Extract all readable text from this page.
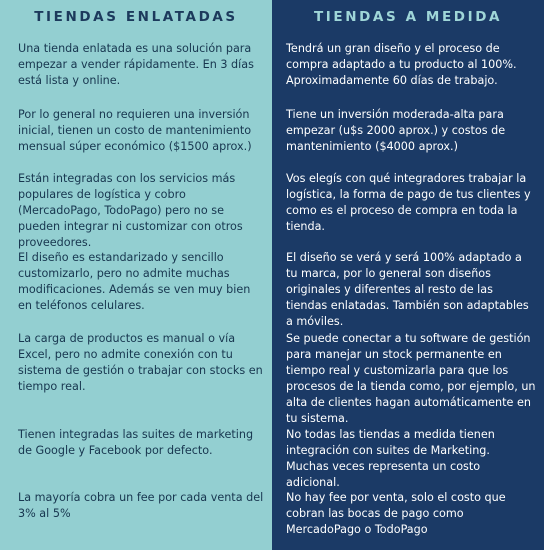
TIENDAS ENLATADAS

Una tienda enlatada es una solución para empezar a vender rápidamente. En 3 días está lista y online.

Por lo general no requieren una inversión inicial, tienen un costo de mantenimiento mensual súper económico ($1500 aprox.)

Están integradas con los servicios más populares de logística y cobro (MercadoPago, TodoPago) pero no se pueden integrar ni customizar con otros proveedores.

El diseño es estandarizado y sencillo customizarlo, pero no admite muchas modificaciones. Además se ven muy bien en teléfonos celulares.

La carga de productos es manual o vía Excel, pero no admite conexión con tu sistema de gestión o trabajar con stocks en tiempo real.

Tienen integradas las suites de marketing de Google y Facebook por defecto.

La mayoría cobra un fee por cada venta del 3% al 5%

TIENDAS A MEDIDA

Tendrá un gran diseño y el proceso de compra adaptado a tu producto al 100%. Aproximadamente 60 días de trabajo.

Tiene un inversión moderada-alta para empezar (u$s 2000 aprox.) y costos de mantenimiento ($4000 aprox.)

Vos elegís con qué integradores trabajar la logística, la forma de pago de tus clientes y como es el proceso de compra en toda la tienda.

El diseño se verá y será 100% adaptado a tu marca, por lo general son diseños originales y diferentes al resto de las tiendas enlatadas. También son adaptables a móviles.

Se puede conectar a tu software de gestión para manejar un stock permanente en tiempo real y customizarla para que los procesos de la tienda como, por ejemplo, un alta de clientes hagan automáticamente en tu sistema.

No todas las tiendas a medida tienen integración con suites de Marketing. Muchas veces representa un costo adicional.

No hay fee por venta, solo el costo que cobran las bocas de pago como MercadoPago o TodoPago
